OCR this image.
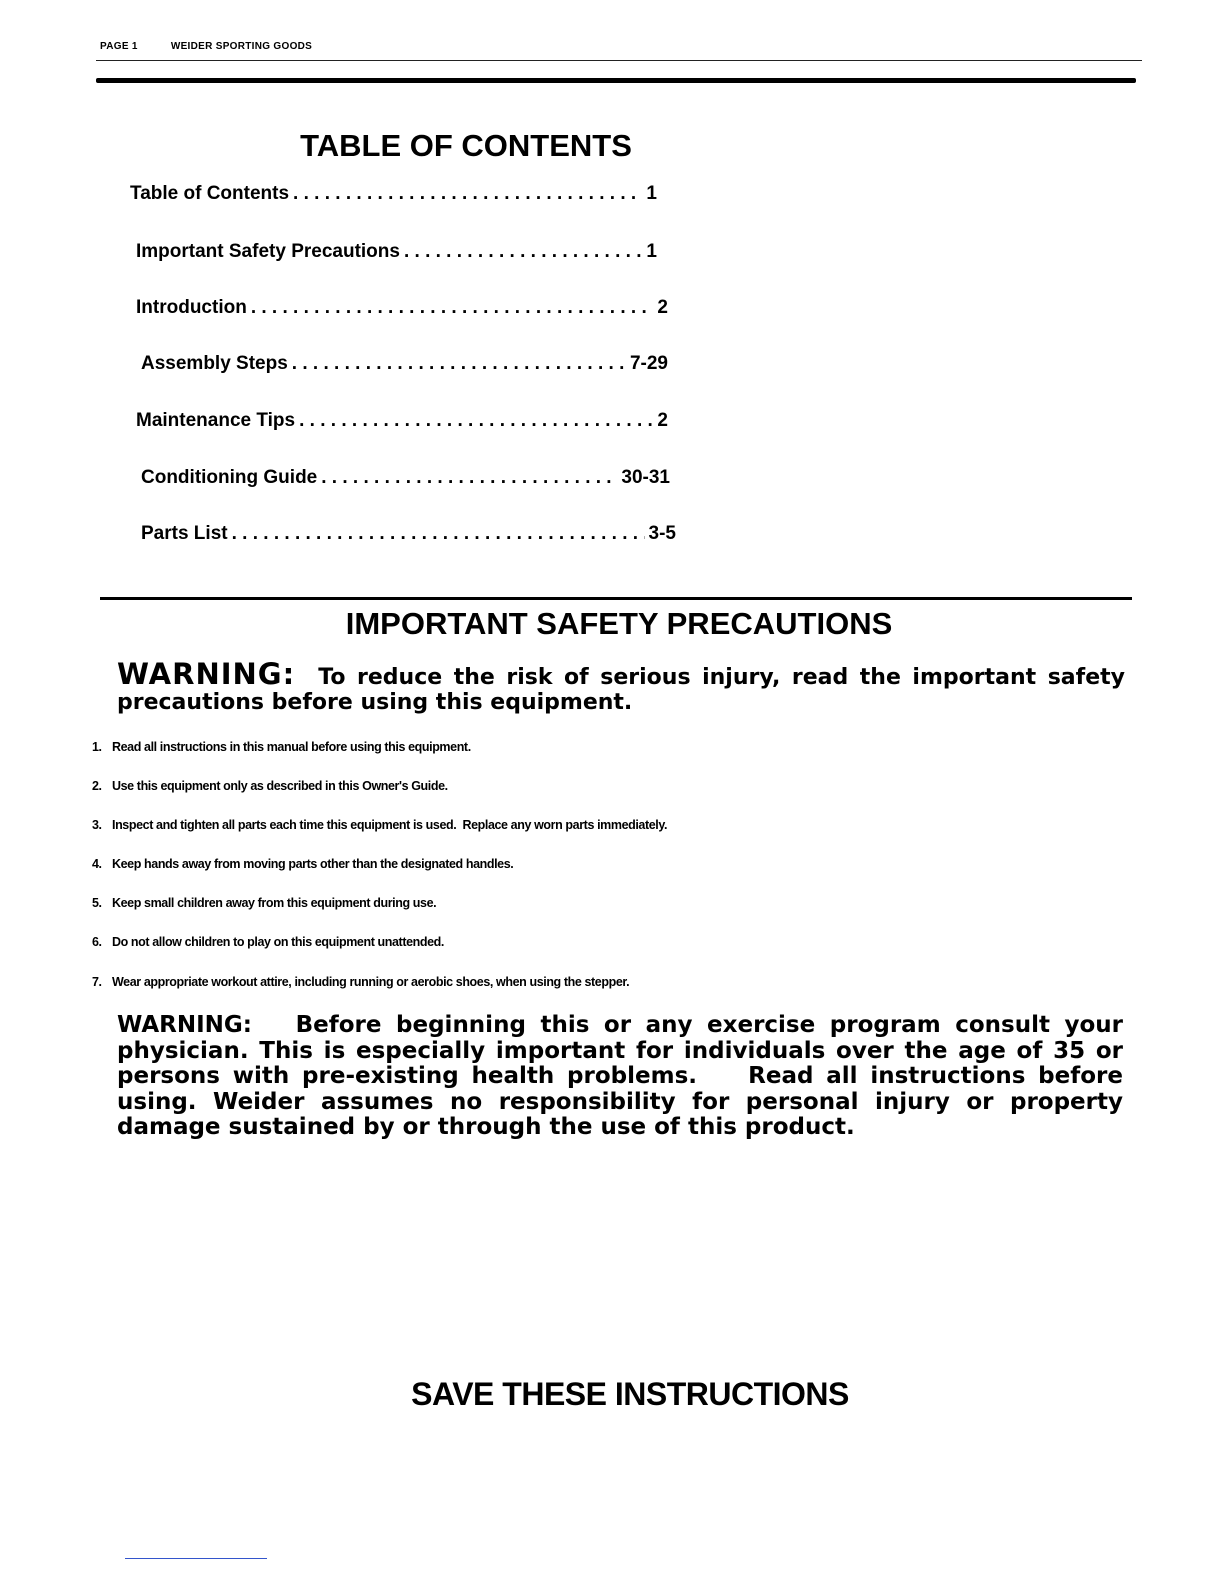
PAGE 1	WEIDER SPORTING GOODS
TABLE OF CONTENTS
Table of Contents . . .	1
Important Safety Precautions . . .	1
Introduction . . .	2
Assembly Steps . . .	7-29
Maintenance Tips . . .	2
Conditioning Guide . . .	30-31
Parts List . . .	3-5
IMPORTANT SAFETY PRECAUTIONS
WARNING: To reduce the risk of serious injury, read the important safety precautions before using this equipment.
1. Read all instructions in this manual before using this equipment.
2. Use this equipment only as described in this Owner's Guide.
3. Inspect and tighten all parts each time this equipment is used.  Replace any worn parts immediately.
4. Keep hands away from moving parts other than the designated handles.
5. Keep small children away from this equipment during use.
6. Do not allow children to play on this equipment unattended.
7. Wear appropriate workout attire, including running or aerobic shoes, when using the stepper.
WARNING: Before beginning this or any exercise program consult your physician. This is especially important for individuals over the age of 35 or persons with pre-existing health problems.    Read all instructions before using. Weider assumes no responsibility for personal injury or property damage sustained by or through the use of this product.
SAVE THESE INSTRUCTIONS
